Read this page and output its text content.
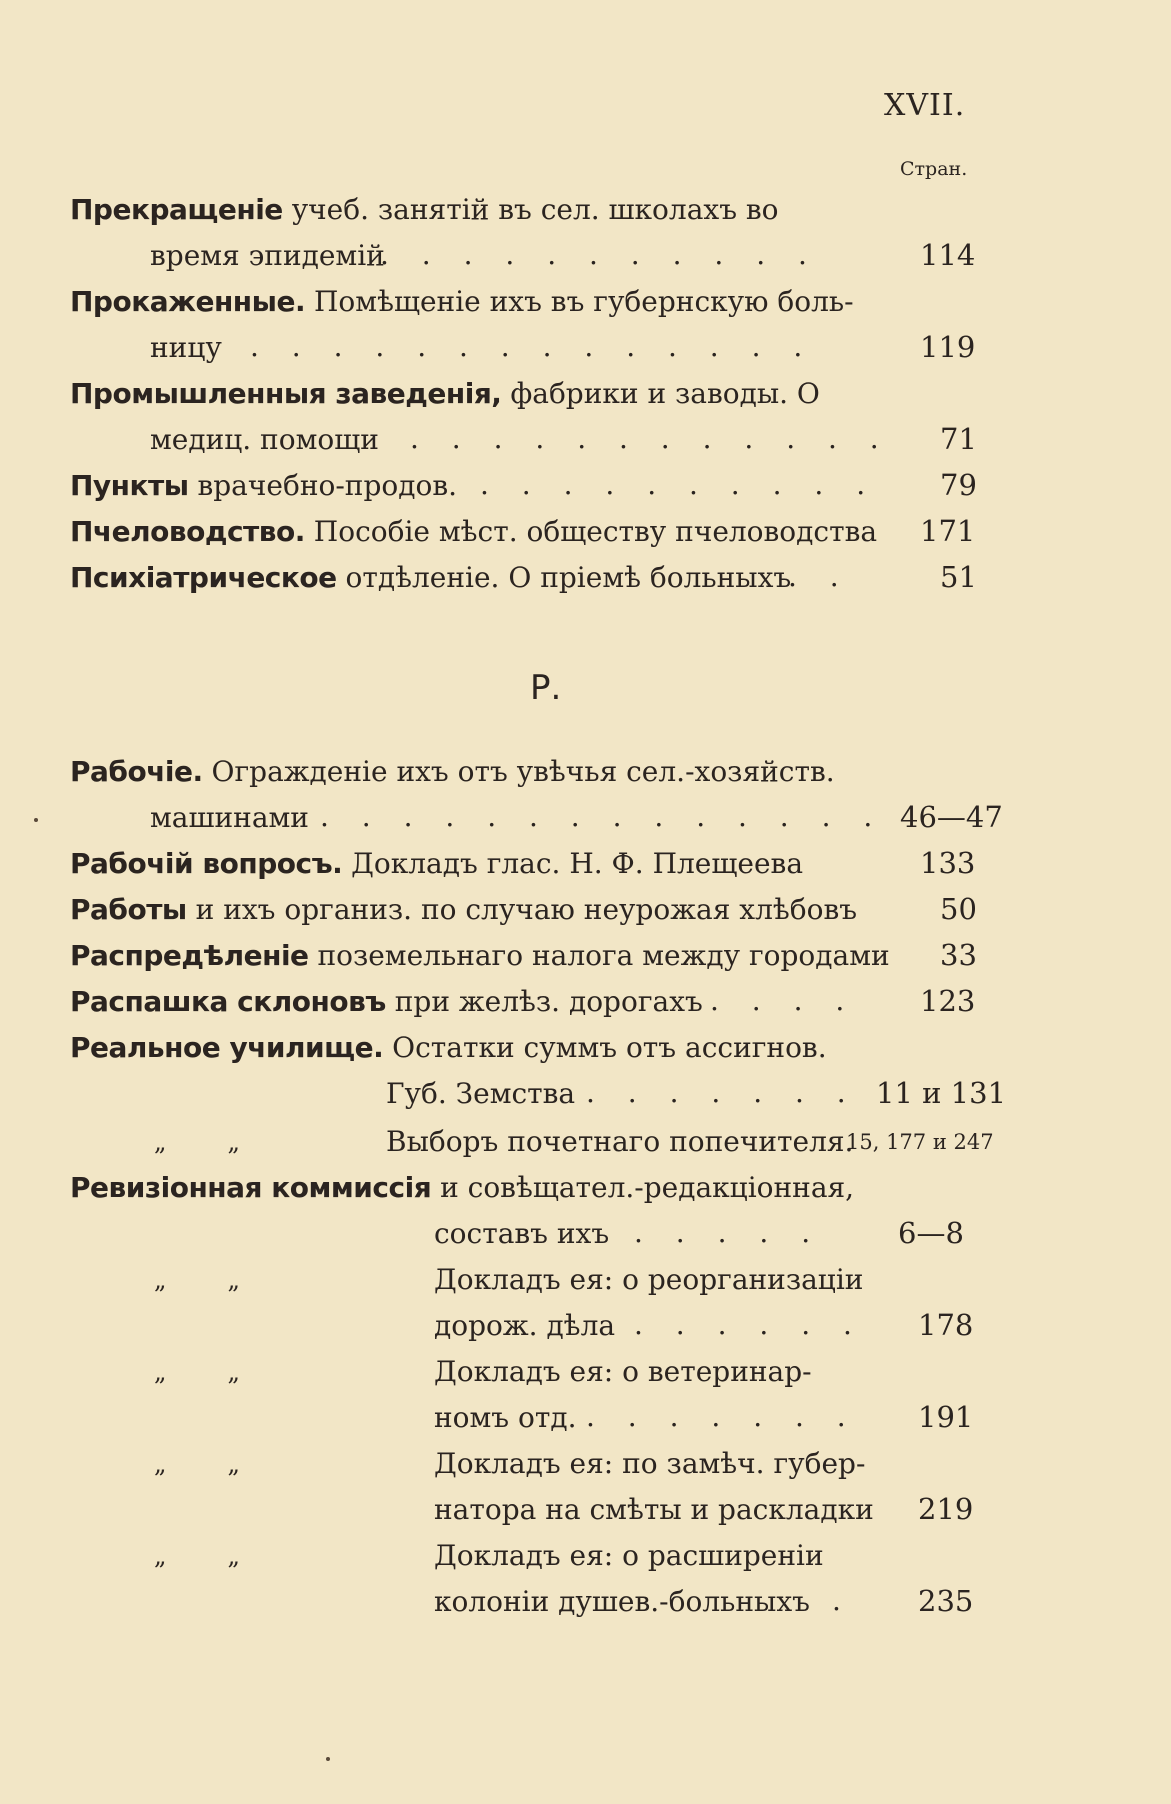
XVII.
Стран.
Прекращеніе учеб. занятій въ сел. школахъ во
время эпидемій
. . . . . . . . . . .	114
Прокаженные. Помѣщеніе ихъ въ губернскую боль-
ницу . . . . . . . . . . . . . .	119
Промышленныя заведенія, фабрики и заводы. О
медиц. помощи . . . . . . . . . . . . 71
Пункты врачебно-продов. . . . . . . . . . . 79
Пчеловодство. Пособіе мѣст. обществу пчеловодства 171
Психіатрическое отдѣленіе. О пріемѣ больныхъ
. .	51
Р.
Рабочіе. Огражденіе ихъ отъ увѣчья сел.-хозяйств.
машинами . . . . . . . . . . . . . . 46—47
Рабочій вопросъ. Докладъ глас. Н. Ф. Плещеева	133
Работы и ихъ организ. по случаю неурожая хлѣбовъ	50
Распредѣленіе поземельнаго налога между городами 33
Распашка склоновъ при желѣз. дорогахъ . . . . 123
Реальное училище. Остатки суммъ отъ ассигнов.
Губ. Земства . . . . . . . 11 и 131
„        „	Выборъ почетнаго попечителя.
15, 177 и 247
Ревизіонная коммиссія и совѣщател.-редакціонная,
составъ ихъ . . . . .	6—8
„        „	Докладъ ея: о реорганизаціи
дорож. дѣла . . . . . . 178
„        „	Докладъ ея: о ветеринар-
номъ отд. . . . . . . . 191
„        „	Докладъ ея: по замѣч. губер-
натора на смѣты и раскладки 219
„        „	Докладъ ея: о расширеніи
колоніи душев.-больныхъ . 235
